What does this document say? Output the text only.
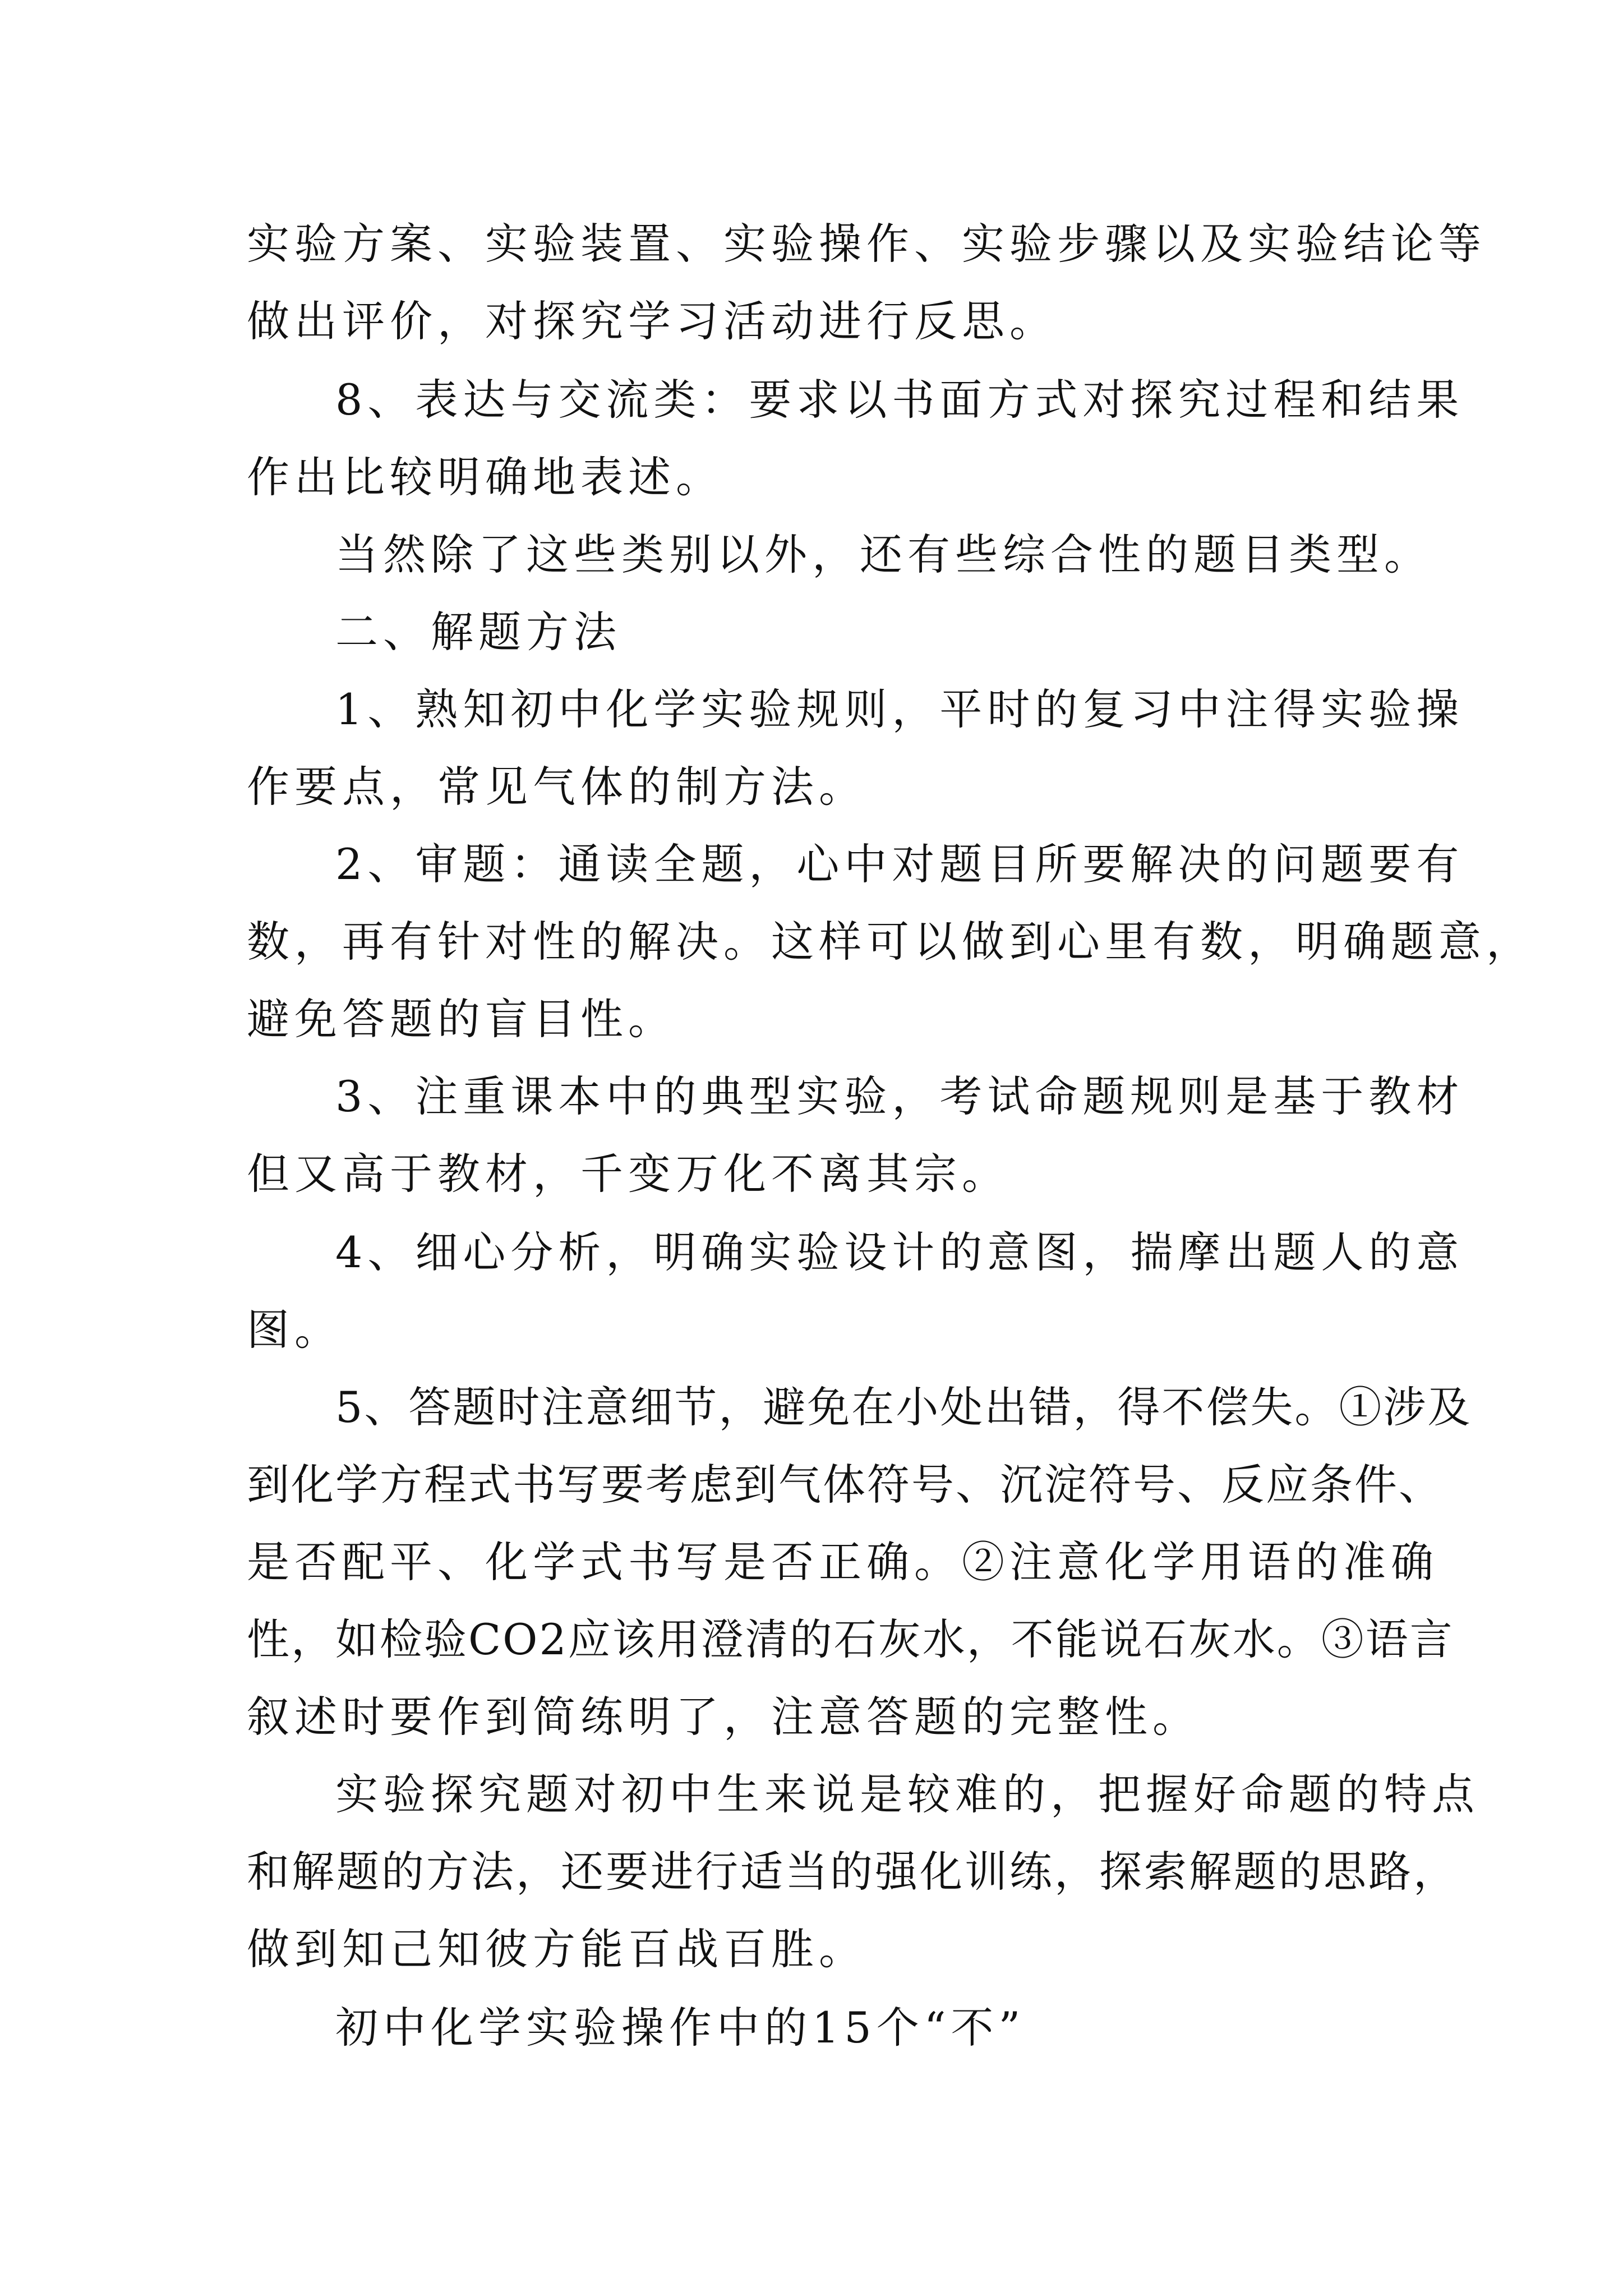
实验方案、实验装置、实验操作、实验步骤以及实验结论等
做出评价，对探究学习活动进行反思。
8、表达与交流类：要求以书面方式对探究过程和结果
作出比较明确地表述。
当然除了这些类别以外，还有些综合性的题目类型。
二、解题方法
1、熟知初中化学实验规则，平时的复习中注得实验操
作要点，常见气体的制方法。
2、审题：通读全题，心中对题目所要解决的问题要有
数，再有针对性的解决。这样可以做到心里有数，明确题意，
避免答题的盲目性。
3、注重课本中的典型实验，考试命题规则是基于教材
但又高于教材，千变万化不离其宗。
4、细心分析，明确实验设计的意图，揣摩出题人的意
图。
5、答题时注意细节，避免在小处出错，得不偿失。①涉及
到化学方程式书写要考虑到气体符号、沉淀符号、反应条件、
是否配平、化学式书写是否正确。②注意化学用语的准确
性，如检验CO2应该用澄清的石灰水，不能说石灰水。③语言
叙述时要作到简练明了，注意答题的完整性。
实验探究题对初中生来说是较难的，把握好命题的特点
和解题的方法，还要进行适当的强化训练，探索解题的思路，
做到知己知彼方能百战百胜。
初中化学实验操作中的15个“不”
